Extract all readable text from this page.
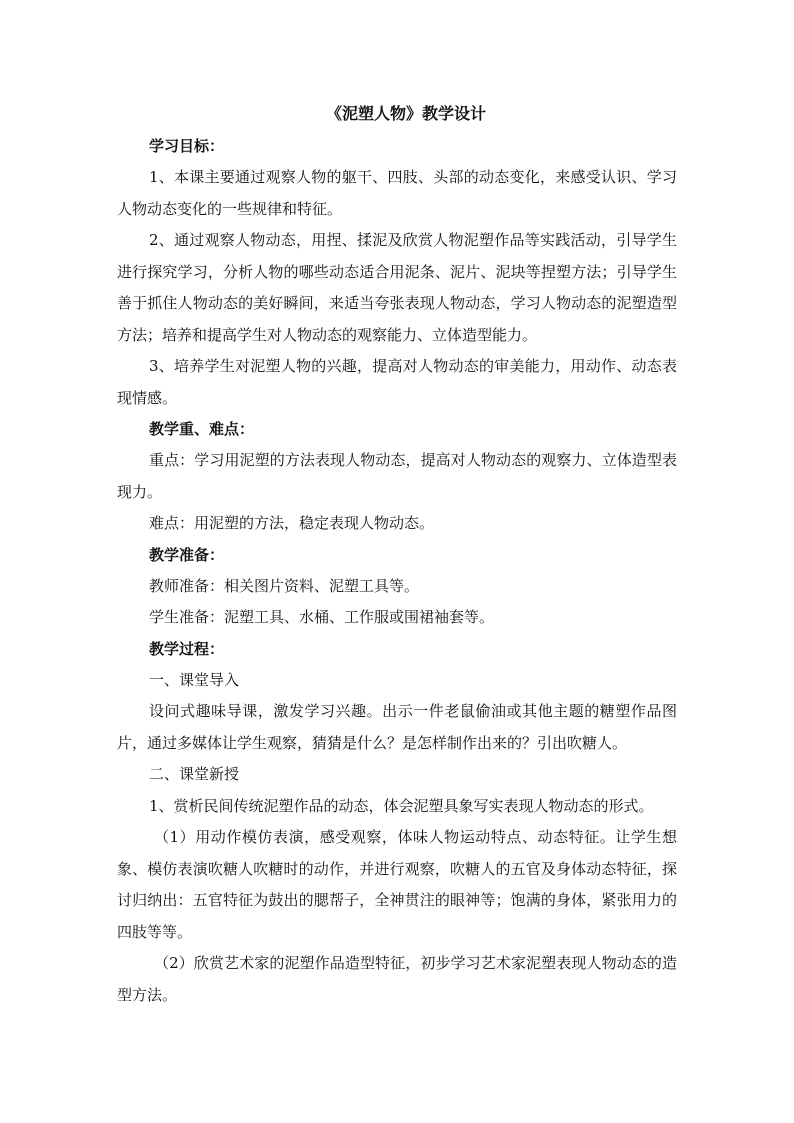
《泥塑人物》教学设计
学习目标：

1、本课主要通过观察人物的躯干、四肢、头部的动态变化，来感受认识、学习人物动态变化的一些规律和特征。

2、通过观察人物动态，用捏、揉泥及欣赏人物泥塑作品等实践活动，引导学生进行探究学习，分析人物的哪些动态适合用泥条、泥片、泥块等捏塑方法；引导学生善于抓住人物动态的美好瞬间，来适当夸张表现人物动态，学习人物动态的泥塑造型方法；培养和提高学生对人物动态的观察能力、立体造型能力。

3、培养学生对泥塑人物的兴趣，提高对人物动态的审美能力，用动作、动态表现情感。

教学重、难点：

重点：学习用泥塑的方法表现人物动态，提高对人物动态的观察力、立体造型表现力。

难点：用泥塑的方法，稳定表现人物动态。

教学准备：

教师准备：相关图片资料、泥塑工具等。

学生准备：泥塑工具、水桶、工作服或围裙袖套等。

教学过程：

一、课堂导入

设问式趣味导课，激发学习兴趣。出示一件老鼠偷油或其他主题的糖塑作品图片，通过多媒体让学生观察，猜猜是什么？是怎样制作出来的？引出吹糖人。

二、课堂新授

1、赏析民间传统泥塑作品的动态，体会泥塑具象写实表现人物动态的形式。

（1）用动作模仿表演，感受观察，体味人物运动特点、动态特征。让学生想象、模仿表演吹糖人吹糖时的动作，并进行观察，吹糖人的五官及身体动态特征，探讨归纳出：五官特征为鼓出的腮帮子，全神贯注的眼神等；饱满的身体，紧张用力的四肢等等。

（2）欣赏艺术家的泥塑作品造型特征，初步学习艺术家泥塑表现人物动态的造型方法。
